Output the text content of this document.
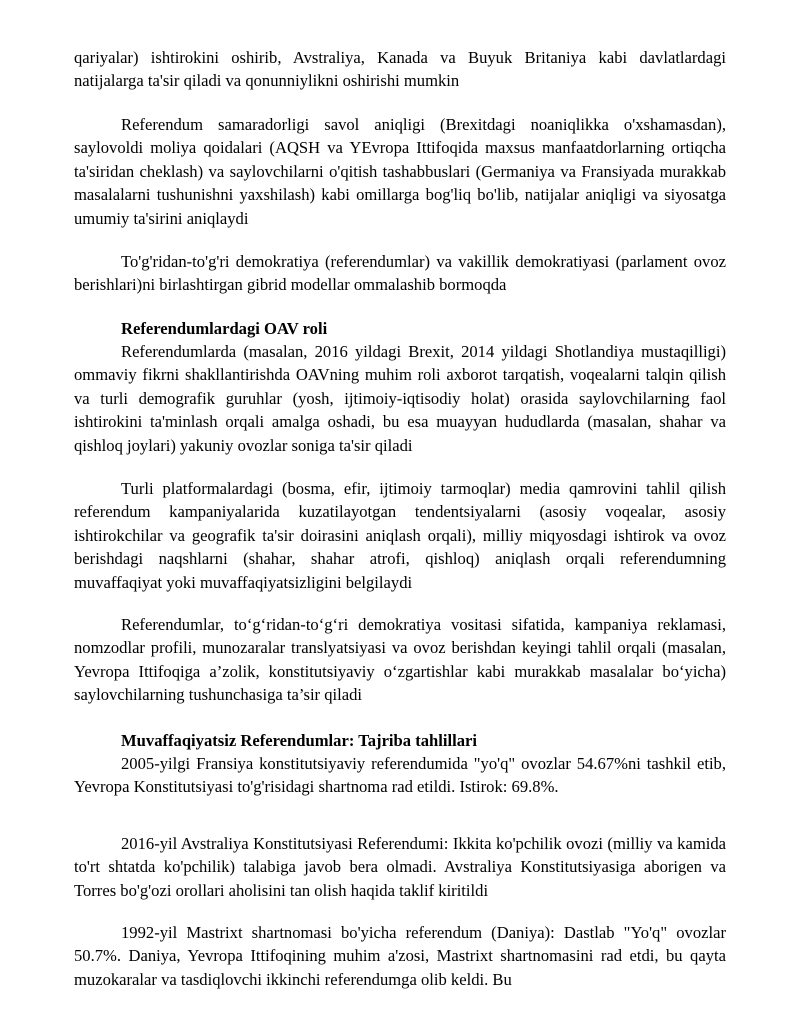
qariyalar) ishtirokini oshirib, Avstraliya, Kanada va Buyuk Britaniya kabi davlatlardagi natijalarga ta'sir qiladi va qonunniylikni oshirishi mumkin

Referendum samaradorligi savol aniqligi (Brexitdagi noaniqlikka o'xshamasdan), saylovoldi moliya qoidalari (AQSH va YEvropa Ittifoqida maxsus manfaatdorlarning ortiqcha ta'siridan cheklash) va saylovchilarni o'qitish tashabbuslari (Germaniya va Fransiyada murakkab masalalarni tushunishni yaxshilash) kabi omillarga bog'liq bo'lib, natijalar aniqligi va siyosatga umumiy ta'sirini aniqlaydi

To'g'ridan-to'g'ri demokratiya (referendumlar) va vakillik demokratiyasi (parlament ovoz berishlari)ni birlashtirgan gibrid modellar ommalashib bormoqda

Referendumlardagi OAV roli

Referendumlarda (masalan, 2016 yildagi Brexit, 2014 yildagi Shotlandiya mustaqilligi) ommaviy fikrni shakllantirishda OAVning muhim roli axborot tarqatish, voqealarni talqin qilish va turli demografik guruhlar (yosh, ijtimoiy-iqtisodiy holat) orasida saylovchilarning faol ishtirokini ta'minlash orqali amalga oshadi, bu esa muayyan hududlarda (masalan, shahar va qishloq joylari) yakuniy ovozlar soniga ta'sir qiladi

Turli platformalardagi (bosma, efir, ijtimoiy tarmoqlar) media qamrovini tahlil qilish referendum kampaniyalarida kuzatilayotgan tendentsiyalarni (asosiy voqealar, asosiy ishtirokchilar va geografik ta'sir doirasini aniqlash orqali), milliy miqyosdagi ishtirok va ovoz berishdagi naqshlarni (shahar, shahar atrofi, qishloq) aniqlash orqali referendumning muvaffaqiyat yoki muvaffaqiyatsizligini belgilaydi

Referendumlar, to‘g‘ridan-to‘g‘ri demokratiya vositasi sifatida, kampaniya reklamasi, nomzodlar profili, munozaralar translyatsiyasi va ovoz berishdan keyingi tahlil orqali (masalan, Yevropa Ittifoqiga a’zolik, konstitutsiyaviy o‘zgartishlar kabi murakkab masalalar bo‘yicha) saylovchilarning tushunchasiga ta’sir qiladi

Muvaffaqiyatsiz Referendumlar: Tajriba tahlillari

2005-yilgi Fransiya konstitutsiyaviy referendumida "yo'q" ovozlar 54.67%ni tashkil etib, Yevropa Konstitutsiyasi to'g'risidagi shartnoma rad etildi. Istirok: 69.8%.

2016-yil Avstraliya Konstitutsiyasi Referendumi: Ikkita ko'pchilik ovozi (milliy va kamida to'rt shtatda ko'pchilik) talabiga javob bera olmadi. Avstraliya Konstitutsiyasiga aborigen va Torres bo'g'ozi orollari aholisini tan olish haqida taklif kiritildi

1992-yil Mastrixt shartnomasi bo'yicha referendum (Daniya): Dastlab "Yo'q" ovozlar 50.7%. Daniya, Yevropa Ittifoqining muhim a'zosi, Mastrixt shartnomasini rad etdi, bu qayta muzokaralar va tasdiqlovchi ikkinchi referendumga olib keldi. Bu
